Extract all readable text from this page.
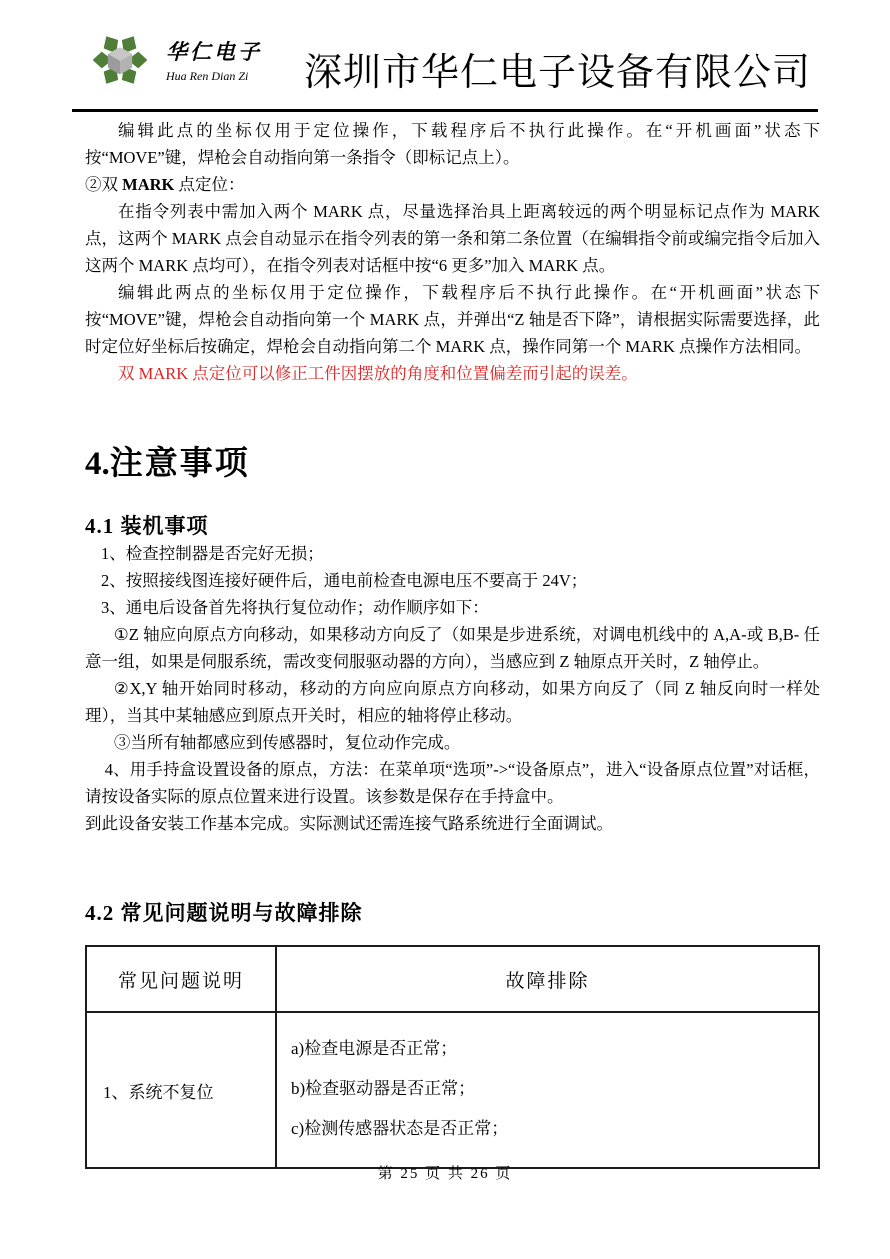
华仁电子
Hua Ren Dian Zi	深圳市华仁电子设备有限公司

编辑此点的坐标仅用于定位操作，下载程序后不执行此操作。在“开机画面”状态下按“MOVE”键，焊枪会自动指向第一条指令（即标记点上）。

②双 MARK 点定位：

在指令列表中需加入两个 MARK 点，尽量选择治具上距离较远的两个明显标记点作为 MARK 点，这两个 MARK 点会自动显示在指令列表的第一条和第二条位置（在编辑指令前或编完指令后加入这两个 MARK 点均可），在指令列表对话框中按“6 更多”加入 MARK 点。

编辑此两点的坐标仅用于定位操作，下载程序后不执行此操作。在“开机画面”状态下按“MOVE”键，焊枪会自动指向第一个 MARK 点，并弹出“Z 轴是否下降”，请根据实际需要选择，此时定位好坐标后按确定，焊枪会自动指向第二个 MARK 点，操作同第一个 MARK 点操作方法相同。

双 MARK 点定位可以修正工件因摆放的角度和位置偏差而引起的误差。

4.注意事项
4.1 装机事项

1、检查控制器是否完好无损；

2、按照接线图连接好硬件后，通电前检查电源电压不要高于 24V；

3、通电后设备首先将执行复位动作；动作顺序如下：

①Z 轴应向原点方向移动，如果移动方向反了（如果是步进系统，对调电机线中的 A,A-或 B,B- 任意一组，如果是伺服系统，需改变伺服驱动器的方向），当感应到 Z 轴原点开关时，Z 轴停止。

②X,Y 轴开始同时移动，移动的方向应向原点方向移动，如果方向反了（同 Z 轴反向时一样处理），当其中某轴感应到原点开关时，相应的轴将停止移动。

③当所有轴都感应到传感器时，复位动作完成。

4、用手持盒设置设备的原点，方法：在菜单项“选项”->“设备原点”，进入“设备原点位置”对话框，请按设备实际的原点位置来进行设置。该参数是保存在手持盒中。

到此设备安装工作基本完成。实际测试还需连接气路系统进行全面调试。

4.2 常见问题说明与故障排除
常见问题说明	故障排除
1、系统不复位	a)检查电源是否正常；
b)检查驱动器是否正常；
c)检测传感器状态是否正常；
第 25 页 共 26 页
